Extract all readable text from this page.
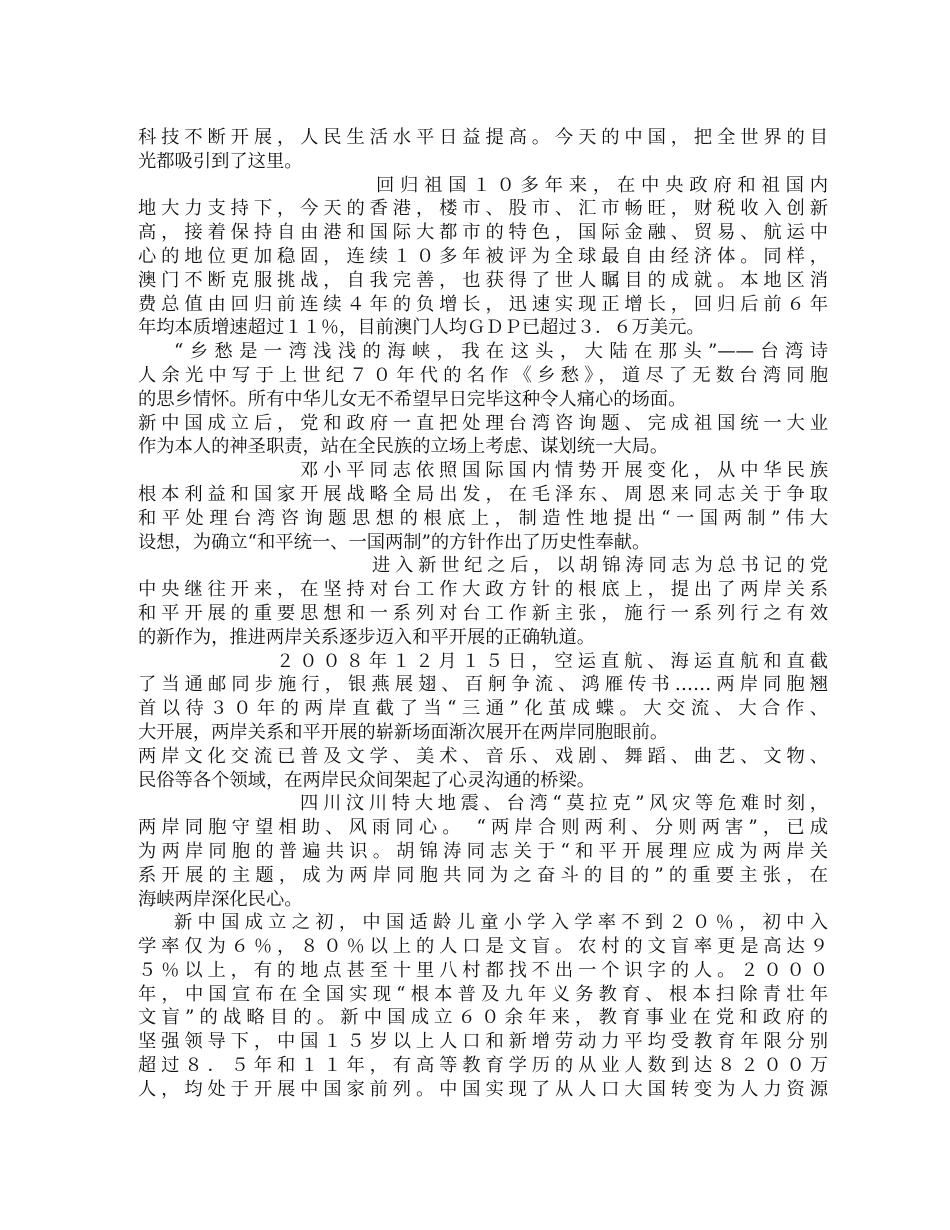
科技不断开展，人民生活水平日益提高。今天的中国，把全世界的目
光都吸引到了这里。
回归祖国１０多年来，在中央政府和祖国内
地大力支持下，今天的香港，楼市、股市、汇市畅旺，财税收入创新
高，接着保持自由港和国际大都市的特色，国际金融、贸易、航运中
心的地位更加稳固，连续１０多年被评为全球最自由经济体。同样，
澳门不断克服挑战，自我完善，也获得了世人瞩目的成就。本地区消
费总值由回归前连续４年的负增长，迅速实现正增长，回归后前６年
年均本质增速超过１１％，目前澳门人均ＧＤＰ已超过３．６万美元。
“乡愁是一湾浅浅的海峡，我在这头，大陆在那头”——台湾诗
人余光中写于上世纪７０年代的名作《乡愁》，道尽了无数台湾同胞
的思乡情怀。所有中华儿女无不希望早日完毕这种令人痛心的场面。
新中国成立后，党和政府一直把处理台湾咨询题、完成祖国统一大业
作为本人的神圣职责，站在全民族的立场上考虑、谋划统一大局。
邓小平同志依照国际国内情势开展变化，从中华民族
根本利益和国家开展战略全局出发，在毛泽东、周恩来同志关于争取
和平处理台湾咨询题思想的根底上，制造性地提出“一国两制”伟大
设想，为确立“和平统一、一国两制”的方针作出了历史性奉献。
进入新世纪之后，以胡锦涛同志为总书记的党
中央继往开来，在坚持对台工作大政方针的根底上，提出了两岸关系
和平开展的重要思想和一系列对台工作新主张，施行一系列行之有效
的新作为，推进两岸关系逐步迈入和平开展的正确轨道。
２００８年１２月１５日，空运直航、海运直航和直截
了当通邮同步施行，银燕展翅、百舸争流、鸿雁传书……两岸同胞翘
首以待３０年的两岸直截了当“三通”化茧成蝶。大交流、大合作、
大开展，两岸关系和平开展的崭新场面渐次展开在两岸同胞眼前。
两岸文化交流已普及文学、美术、音乐、戏剧、舞蹈、曲艺、文物、
民俗等各个领域，在两岸民众间架起了心灵沟通的桥梁。
四川汶川特大地震、台湾“莫拉克”风灾等危难时刻，
两岸同胞守望相助、风雨同心。 “两岸合则两利、分则两害”，已成
为两岸同胞的普遍共识。胡锦涛同志关于“和平开展理应成为两岸关
系开展的主题，成为两岸同胞共同为之奋斗的目的”的重要主张，在
海峡两岸深化民心。
新中国成立之初，中国适龄儿童小学入学率不到２０％，初中入
学率仅为６％，８０％以上的人口是文盲。农村的文盲率更是高达９
５％以上，有的地点甚至十里八村都找不出一个识字的人。２０００
年，中国宣布在全国实现“根本普及九年义务教育、根本扫除青壮年
文盲”的战略目的。新中国成立６０余年来，教育事业在党和政府的
坚强领导下，中国１５岁以上人口和新增劳动力平均受教育年限分别
超过８．５年和１１年，有高等教育学历的从业人数到达８２００万
人，均处于开展中国家前列。中国实现了从人口大国转变为人力资源
